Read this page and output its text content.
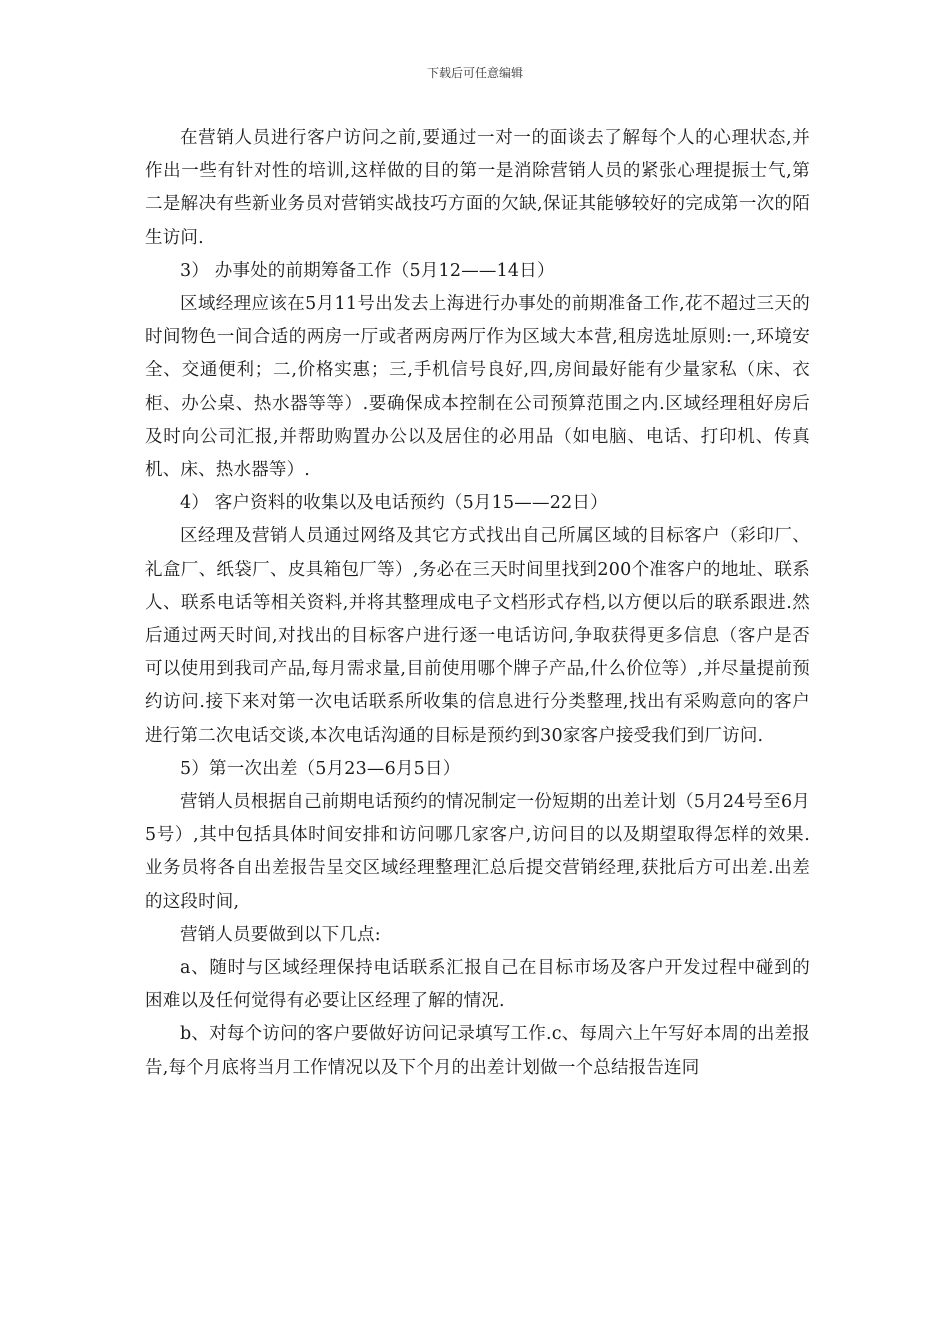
下载后可任意编辑

在营销人员进行客户访问之前,要通过一对一的面谈去了解每个人的心理状态,并作出一些有针对性的培训,这样做的目的第一是消除营销人员的紧张心理提振士气,第二是解决有些新业务员对营销实战技巧方面的欠缺,保证其能够较好的完成第一次的陌生访问.

3） 办事处的前期筹备工作（5月12——14日）

区域经理应该在5月11号出发去上海进行办事处的前期准备工作,花不超过三天的时间物色一间合适的两房一厅或者两房两厅作为区域大本营,租房选址原则:一,环境安全、交通便利；二,价格实惠；三,手机信号良好,四,房间最好能有少量家私（床、衣柜、办公桌、热水器等等）.要确保成本控制在公司预算范围之内.区域经理租好房后及时向公司汇报,并帮助购置办公以及居住的必用品（如电脑、电话、打印机、传真机、床、热水器等）.

4） 客户资料的收集以及电话预约（5月15——22日）

区经理及营销人员通过网络及其它方式找出自己所属区域的目标客户（彩印厂、礼盒厂、纸袋厂、皮具箱包厂等）,务必在三天时间里找到200个准客户的地址、联系人、联系电话等相关资料,并将其整理成电子文档形式存档,以方便以后的联系跟进.然后通过两天时间,对找出的目标客户进行逐一电话访问,争取获得更多信息（客户是否可以使用到我司产品,每月需求量,目前使用哪个牌子产品,什么价位等）,并尽量提前预约访问.接下来对第一次电话联系所收集的信息进行分类整理,找出有采购意向的客户进行第二次电话交谈,本次电话沟通的目标是预约到30家客户接受我们到厂访问.

5）第一次出差（5月23—6月5日）

营销人员根据自己前期电话预约的情况制定一份短期的出差计划（5月24号至6月5号）,其中包括具体时间安排和访问哪几家客户,访问目的以及期望取得怎样的效果.业务员将各自出差报告呈交区域经理整理汇总后提交营销经理,获批后方可出差.出差的这段时间,

营销人员要做到以下几点:

a、随时与区域经理保持电话联系汇报自己在目标市场及客户开发过程中碰到的困难以及任何觉得有必要让区经理了解的情况.

b、对每个访问的客户要做好访问记录填写工作.c、每周六上午写好本周的出差报告,每个月底将当月工作情况以及下个月的出差计划做一个总结报告连同
